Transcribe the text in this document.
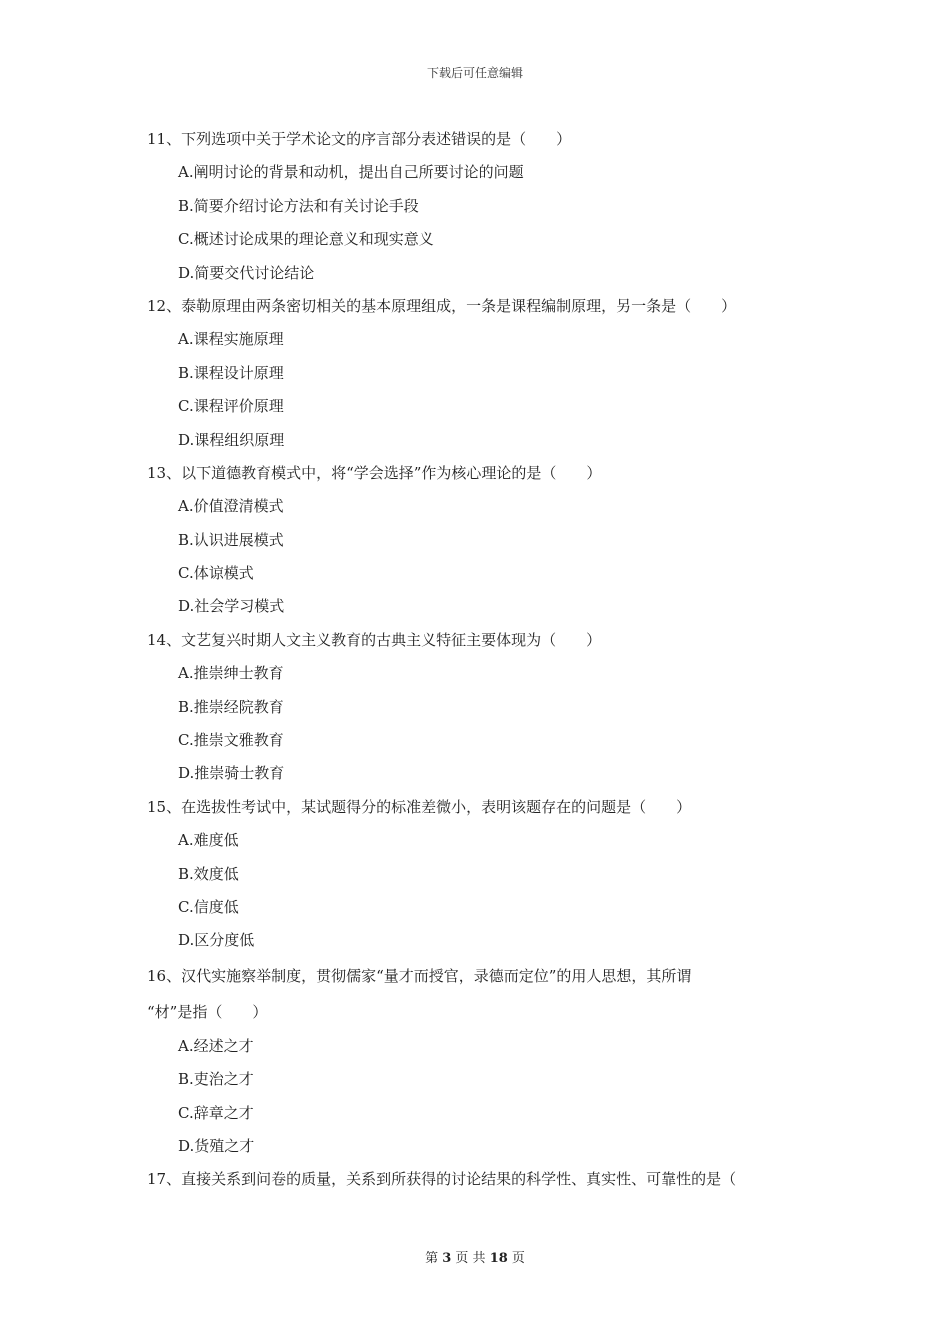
下载后可任意编辑
11、下列选项中关于学术论文的序言部分表述错误的是（　　）
A.阐明讨论的背景和动机，提出自己所要讨论的问题
B.简要介绍讨论方法和有关讨论手段
C.概述讨论成果的理论意义和现实意义
D.简要交代讨论结论
12、泰勒原理由两条密切相关的基本原理组成，一条是课程编制原理，另一条是（　　）
A.课程实施原理
B.课程设计原理
C.课程评价原理
D.课程组织原理
13、以下道德教育模式中，将“学会选择”作为核心理论的是（　　）
A.价值澄清模式
B.认识进展模式
C.体谅模式
D.社会学习模式
14、文艺复兴时期人文主义教育的古典主义特征主要体现为（　　）
A.推崇绅士教育
B.推崇经院教育
C.推崇文雅教育
D.推崇骑士教育
15、在选拔性考试中，某试题得分的标准差微小，表明该题存在的问题是（　　）
A.难度低
B.效度低
C.信度低
D.区分度低
16、汉代实施察举制度，贯彻儒家“量才而授官，录德而定位”的用人思想，其所谓
“材”是指（　　）
A.经述之才
B.吏治之才
C.辞章之才
D.货殖之才
17、直接关系到问卷的质量，关系到所获得的讨论结果的科学性、真实性、可靠性的是（
第 3 页 共 18 页
